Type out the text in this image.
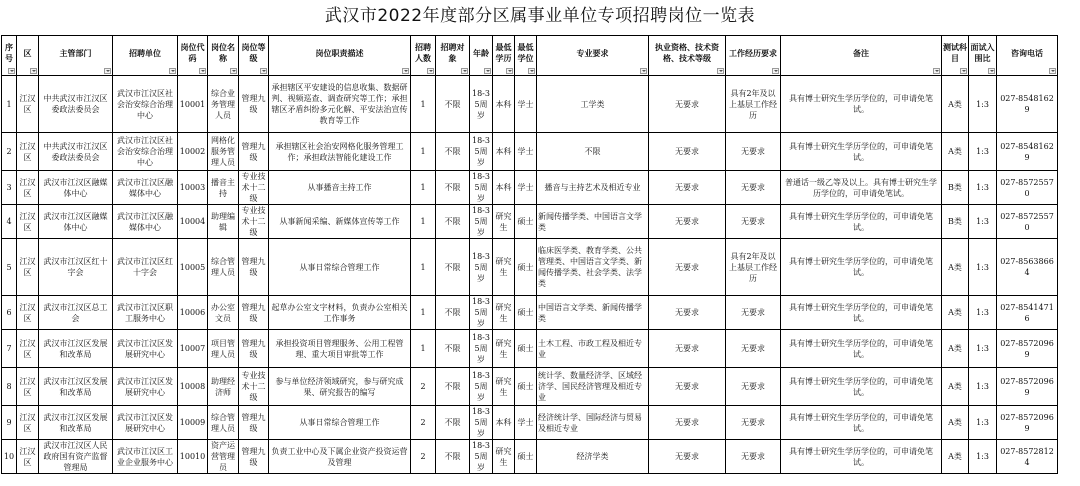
武汉市2022年度部分区属事业单位专项招聘岗位一览表
序号	区	主管部门	招聘单位	岗位代码	岗位名称	岗位等级	岗位职责描述	招聘人数	招聘对象	年龄	最低学历	最低学位	专业要求	执业资格、技术资格、技术等级	工作经历要求	备注	测试科目	面试入围比	咨询电话

1	江汉区	中共武汉市江汉区委政法委员会	武汉市江汉区社会治安综合治理中心	10001	综合业务管理人员	管理九级	承担辖区平安建设的信息收集、数据研判、视频巡查、调查研究等工作；承担辖区矛盾纠纷多元化解、平安法治宣传教育等工作	1	不限	18-35周岁	本科	学士	工学类	无要求	具有2年及以上基层工作经历	具有博士研究生学历学位的，可申请免笔试。	A类	1:3	027-85481629
2	江汉区	中共武汉市江汉区委政法委员会	武汉市江汉区社会治安综合治理中心	10002	网格化服务管理人员	管理九级	承担辖区社会治安网格化服务管理工作；承担政法智能化建设工作	1	不限	18-35周岁	本科	学士	不限	无要求	无要求	具有博士研究生学历学位的，可申请免笔试。	A类	1:3	027-85481629
3	江汉区	武汉市江汉区融媒体中心	武汉市江汉区融媒体中心	10003	播音主持	专业技术十二级	从事播音主持工作	1	不限	18-35周岁	本科	学士	播音与主持艺术及相近专业	无要求	无要求	普通话一级乙等及以上。具有博士研究生学历学位的，可申请免笔试。	B类	1:3	027-85725570
4	江汉区	武汉市江汉区融媒体中心	武汉市江汉区融媒体中心	10004	助理编辑	专业技术十二级	从事新闻采编、新媒体宣传等工作	1	不限	18-35周岁	研究生	硕士	新闻传播学类、中国语言文学类	无要求	无要求	具有博士研究生学历学位的，可申请免笔试。	B类	1:3	027-85725570
5	江汉区	武汉市江汉区红十字会	武汉市江汉区红十字会	10005	综合管理人员	管理九级	从事日常综合管理工作	1	不限	18-35周岁	研究生	硕士	临床医学类、教育学类、公共管理类、中国语言文学类、新闻传播学类、社会学类、法学类	无要求	具有2年及以上基层工作经历	具有博士研究生学历学位的，可申请免笔试。	A类	1:3	027-85638664
6	江汉区	武汉市江汉区总工会	武汉市江汉区职工服务中心	10006	办公室文员	管理九级	起草办公室文字材料，负责办公室相关工作事务	1	不限	18-35周岁	研究生	硕士	中国语言文学类、新闻传播学类	无要求	无要求	具有博士研究生学历学位的，可申请免笔试。	A类	1:3	027-85414716
7	江汉区	武汉市江汉区发展和改革局	武汉市江汉区发展研究中心	10007	项目管理人员	管理九级	承担投资项目管理服务、公用工程管理、重大项目审批等工作	1	不限	18-35周岁	研究生	硕士	土木工程、市政工程及相近专业	无要求	无要求	具有博士研究生学历学位的，可申请免笔试。	A类	1:3	027-85720969
8	江汉区	武汉市江汉区发展和改革局	武汉市江汉区发展研究中心	10008	助理经济师	专业技术十二级	参与单位经济领域研究，参与研究成果、研究报告的编写	2	不限	18-35周岁	研究生	硕士	统计学、数量经济学、区域经济学、国民经济管理及相近专业	无要求	无要求	具有博士研究生学历学位的，可申请免笔试。	A类	1:3	027-85720969
9	江汉区	武汉市江汉区发展和改革局	武汉市江汉区发展研究中心	10009	综合管理人员	管理九级	从事日常综合管理工作	2	不限	18-35周岁	本科	学士	经济统计学、国际经济与贸易及相近专业	无要求	无要求	具有博士研究生学历学位的，可申请免笔试。	A类	1:3	027-85720969
10	江汉区	武汉市江汉区人民政府国有资产监督管理局	武汉市江汉区工业企业服务中心	10010	资产运营管理员	管理九级	负责工业中心及下属企业资产投资运营及管理	2	不限	18-35周岁	研究生	硕士	经济学类	无要求	无要求	具有博士研究生学历学位的，可申请免笔试。	A类	1:3	027-85728124
